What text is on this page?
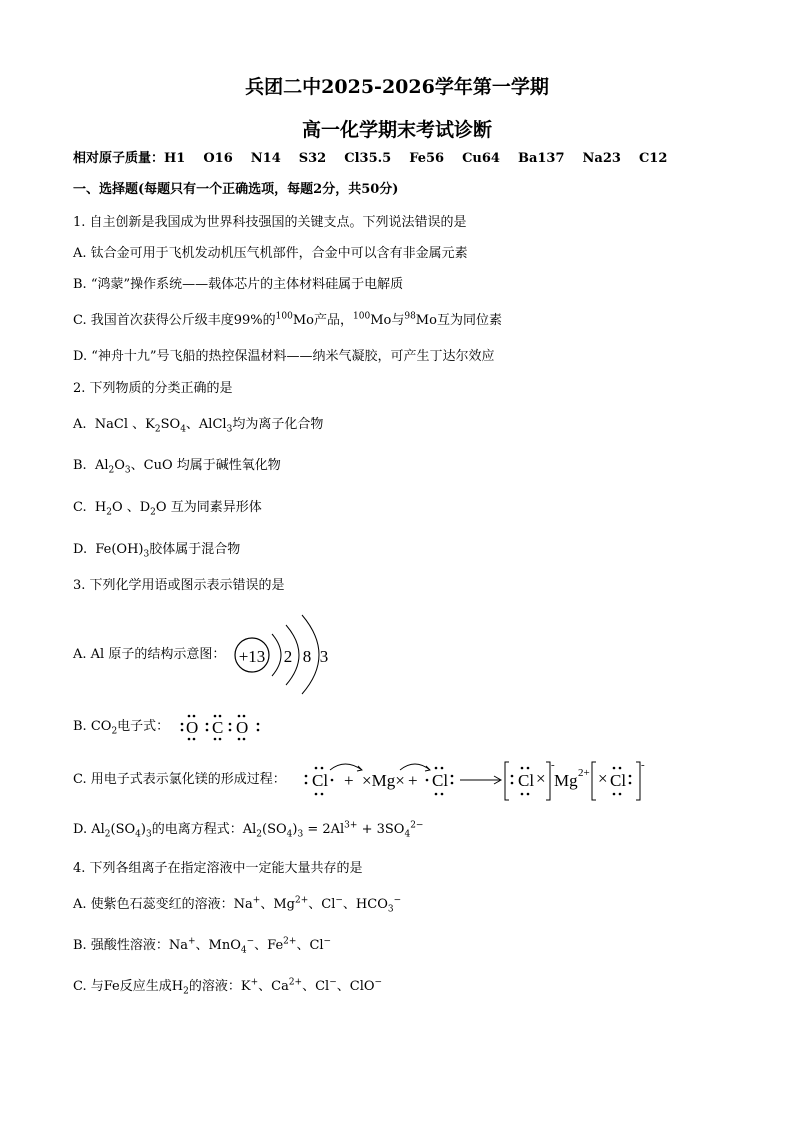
兵团二中2025-2026学年第一学期
高一化学期末考试诊断
相对原子质量：H1 O16 N14 S32 Cl35.5 Fe56 Cu64 Ba137 Na23 C12
一、选择题(每题只有一个正确选项，每题2分，共50分)
1. 自主创新是我国成为世界科技强国的关键支点。下列说法错误的是
A. 钛合金可用于飞机发动机压气机部件，合金中可以含有非金属元素
B. “鸿蒙”操作系统——载体芯片的主体材料硅属于电解质
C. 我国首次获得公斤级丰度99%的$^{100}$Mo产品，$^{100}$Mo与$^{98}$Mo互为同位素
D. “神舟十九”号飞船的热控保温材料——纳米气凝胶，可产生丁达尔效应
2. 下列物质的分类正确的是
A.  NaCl 、$K_2SO_4$、AlCl$_3$均为离子化合物
B.  $Al_2O_3$、CuO 均属于碱性氧化物
C.  $H_2O$ 、$D_2O$ 互为同素异形体
D.  $Fe(OH)_3$胶体属于混合物
3. 下列化学用语或图示表示错误的是
A. Al 原子的结构示意图： +13 2 8 3
B. $CO_2$电子式： O C O
C. 用电子式表示氯化镁的形成过程： Cl + ×Mg× + Cl	Cl × Mg 2+ × Cl
-	-
D. $Al_2(SO_4)_3$的电离方程式：$Al_2(SO_4)_3 = 2Al^{3+} + 3SO_4^{2-}$
4. 下列各组离子在指定溶液中一定能大量共存的是
A. 使紫色石蕊变红的溶液：Na+、$Mg^{2+}$、Cl−、$HCO_3^-$
B. 强酸性溶液：Na+、MnO$_4$−、$Fe^{2+}$、Cl−
C. 与Fe反应生成$H_2$的溶液：K+、$Ca^{2+}$、Cl−、ClO−
